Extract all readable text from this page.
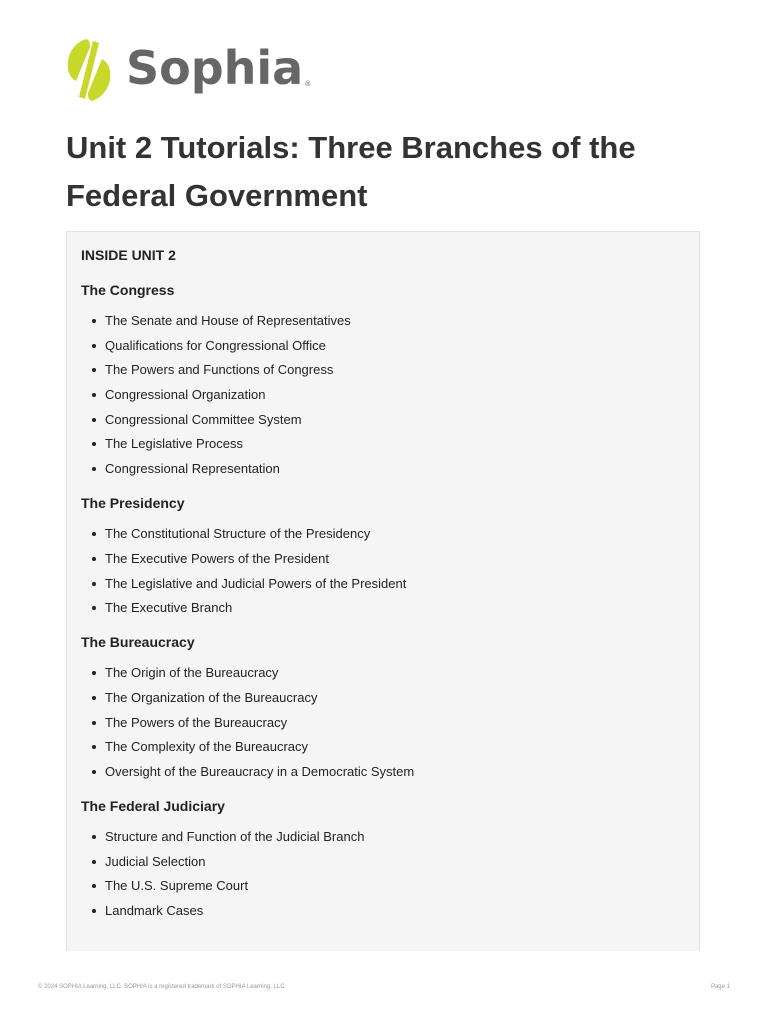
Sophia ®
Unit 2 Tutorials: Three Branches of the Federal Government
INSIDE UNIT 2
The Congress
The Senate and House of Representatives
Qualifications for Congressional Office
The Powers and Functions of Congress
Congressional Organization
Congressional Committee System
The Legislative Process
Congressional Representation
The Presidency
The Constitutional Structure of the Presidency
The Executive Powers of the President
The Legislative and Judicial Powers of the President
The Executive Branch
The Bureaucracy
The Origin of the Bureaucracy
The Organization of the Bureaucracy
The Powers of the Bureaucracy
The Complexity of the Bureaucracy
Oversight of the Bureaucracy in a Democratic System
The Federal Judiciary
Structure and Function of the Judicial Branch
Judicial Selection
The U.S. Supreme Court
Landmark Cases
© 2024 SOPHIA Learning, LLC. SOPHIA is a registered trademark of SOPHIA Learning, LLC.	Page 1
